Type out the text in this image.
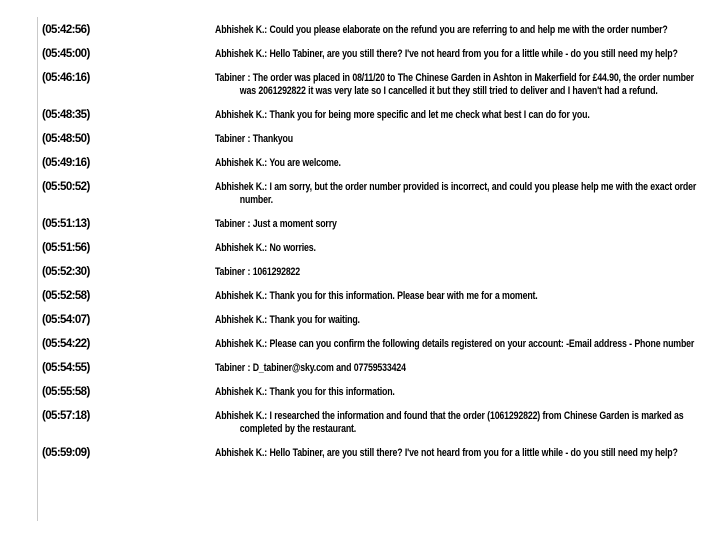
(05:42:56)	Abhishek K.: Could you please elaborate on the refund you are referring to and help me with the order number?
(05:45:00)	Abhishek K.: Hello Tabiner, are you still there? I've not heard from you for a little while - do you still need my help?
(05:46:16)	Tabiner : The order was placed in 08/11/20 to The Chinese Garden in Ashton in Makerfield for £44.90, the order number was 2061292822 it was very late so I cancelled it but they still tried to deliver and I haven't had a refund.
(05:48:35)	Abhishek K.: Thank you for being more specific and let me check what best I can do for you.
(05:48:50)	Tabiner : Thankyou
(05:49:16)	Abhishek K.: You are welcome.
(05:50:52)	Abhishek K.: I am sorry, but the order number provided is incorrect, and could you please help me with the exact order number.
(05:51:13)	Tabiner : Just a moment sorry
(05:51:56)	Abhishek K.: No worries.
(05:52:30)	Tabiner : 1061292822
(05:52:58)	Abhishek K.: Thank you for this information. Please bear with me for a moment.
(05:54:07)	Abhishek K.: Thank you for waiting.
(05:54:22)	Abhishek K.: Please can you confirm the following details registered on your account: -Email address - Phone number
(05:54:55)	Tabiner : D_tabiner@sky.com and 07759533424
(05:55:58)	Abhishek K.: Thank you for this information.
(05:57:18)	Abhishek K.: I researched the information and found that the order (1061292822) from Chinese Garden is marked as completed by the restaurant.
(05:59:09)	Abhishek K.: Hello Tabiner, are you still there? I've not heard from you for a little while - do you still need my help?
